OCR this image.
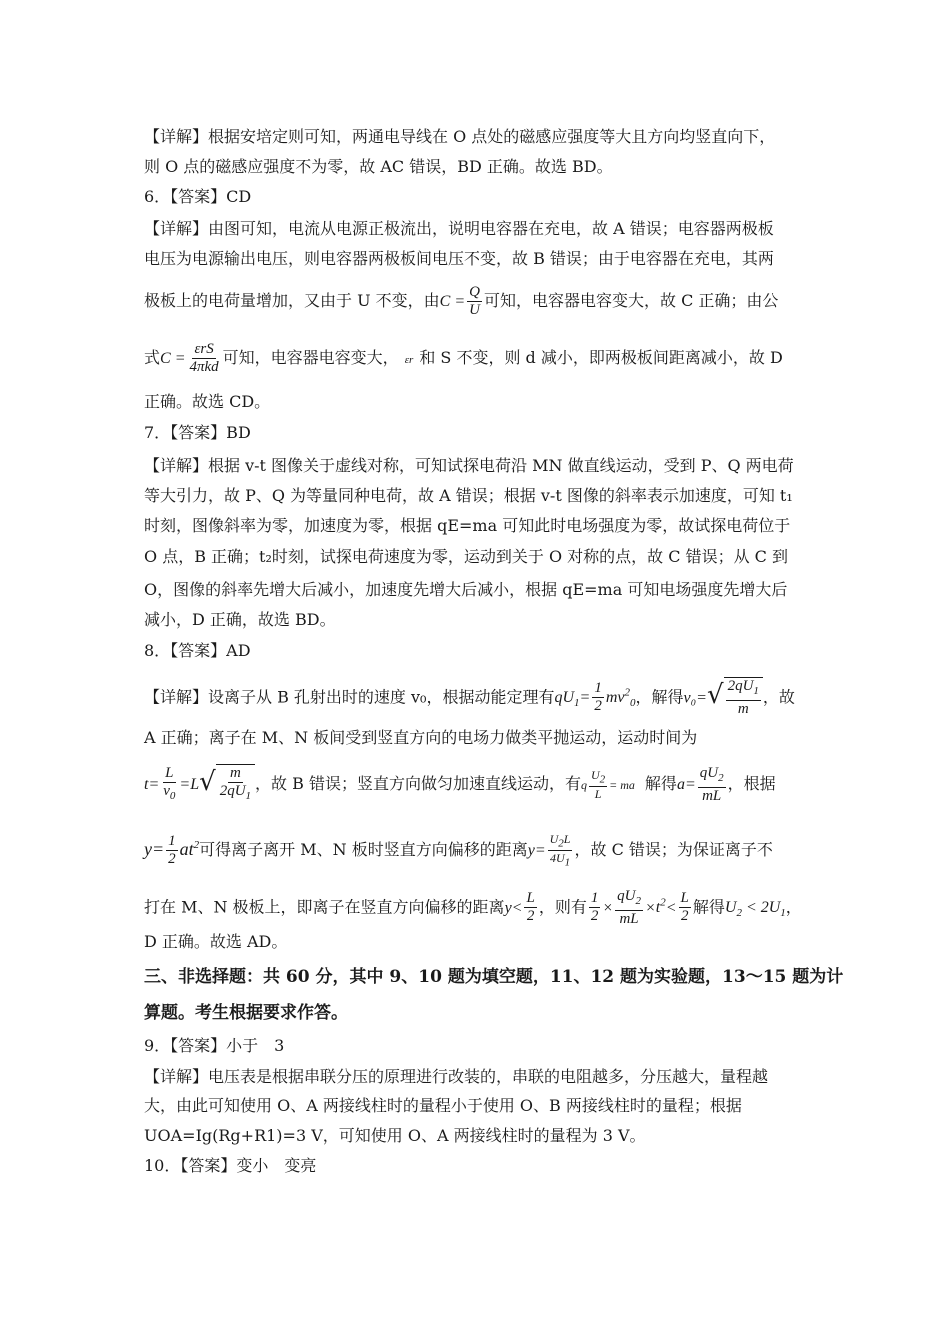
【详解】根据安培定则可知，两通电导线在 O 点处的磁感应强度等大且方向均竖直向下，
则 O 点的磁感应强度不为零，故 AC 错误，BD 正确。故选 BD。
6．【答案】CD
【详解】由图可知，电流从电源正极流出，说明电容器在充电，故 A 错误；电容器两极板
电压为电源输出电压，则电容器两极板间电压不变，故 B 错误；由于电容器在充电，其两
极板上的电荷量增加，又由于 U 不变，由$C = \frac{Q}{U}$ 可知，电容器电容变大，故 C 正确；由公
式$C = \frac{\text{εrS}}{\text{4πkd}}$ 可知，电容器电容变大， εr 和 S 不变，则 d 减小，即两极板间距离减小，故 D
正确。故选 CD。
7．【答案】BD
【详解】根据 v-t 图像关于虚线对称，可知试探电荷沿 MN 做直线运动，受到 P、Q 两电荷
等大引力，故 P、Q 为等量同种电荷，故 A 错误；根据 v-t 图像的斜率表示加速度，可知 t₁
时刻，图像斜率为零，加速度为零，根据 qE=ma 可知此时电场强度为零，故试探电荷位于
O 点，B 正确；t₂时刻，试探电荷速度为零，运动到关于 O 对称的点，故 C 错误；从 C 到
O，图像的斜率先增大后减小，加速度先增大后减小，根据 qE=ma 可知电场强度先增大后
减小，D 正确，故选 BD。
8．【答案】AD
【详解】设离子从 B 孔射出时的速度 v₀，根据动能定理有$qU_1= \frac{1}{2} mv^2_0$，解得v₀= √ $\frac{2qU_1}{m}$ ，故
A 正确；离子在 M、N 板间受到竖直方向的电场力做类平抛运动，运动时间为
$t= \frac{L}{v_0} =L$ √ $\frac{m}{2qU_1}$ ，故 B 错误；竖直方向做匀加速直线运动，有q $\frac{U_2}{L}$ = ma 解得$a= \frac{qU_2}{mL}$ ，根据
$y= \frac{1}{2} at^2$可得离子离开 M、N 板时竖直方向偏移的距离$y= \frac{U_2L}{4U_1}$ ，故 C 错误；为保证离子不
打在 M、N 极板上，即离子在竖直方向偏移的距离$y< \frac{L}{2}$ ，则有 $\frac{1}{2} \times \frac{qU_2}{mL} \times t^2< \frac{L}{2}$ 解得$U_2 < 2U_1$，
D 正确。故选 AD。
三、非选择题：共 60 分，其中 9、10 题为填空题，11、12 题为实验题，13～15 题为计
算题。考生根据要求作答。
9．【答案】小于　3
【详解】电压表是根据串联分压的原理进行改装的，串联的电阻越多，分压越大，量程越
大，由此可知使用 O、A 两接线柱时的量程小于使用 O、B 两接线柱时的量程；根据
UOA=Ig(Rg+R1)=3 V，可知使用 O、A 两接线柱时的量程为 3 V。
10．【答案】变小　变亮
